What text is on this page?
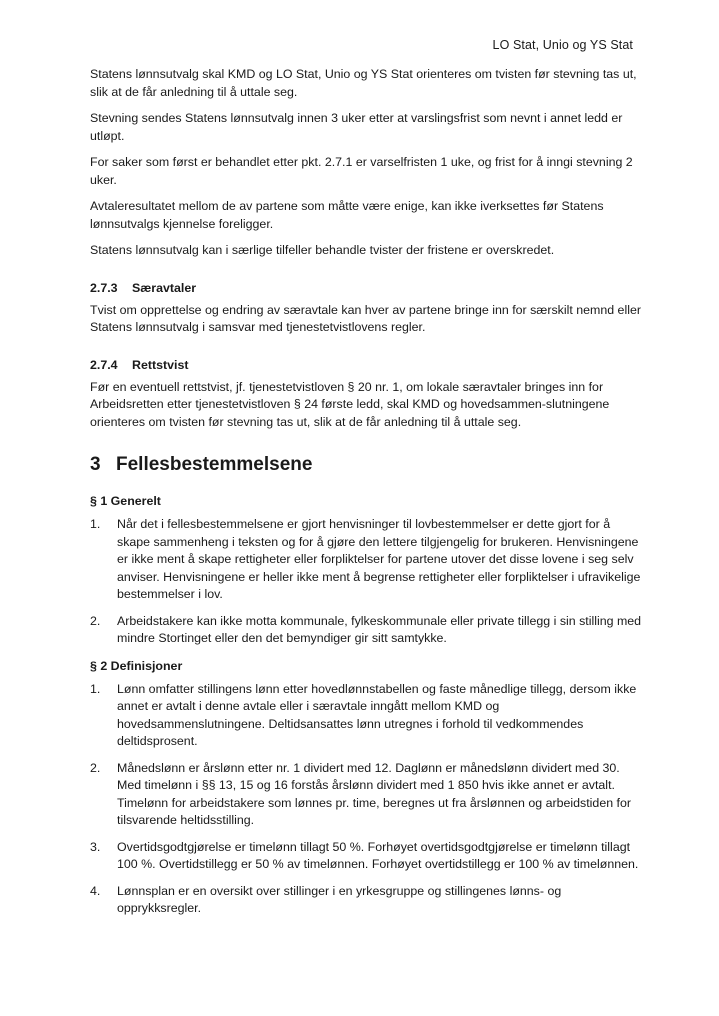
LO Stat, Unio og YS Stat

Statens lønnsutvalg skal KMD og LO Stat, Unio og YS Stat orienteres om tvisten før stevning tas ut, slik at de får anledning til å uttale seg.

Stevning sendes Statens lønnsutvalg innen 3 uker etter at varslingsfrist som nevnt i annet ledd er utløpt.

For saker som først er behandlet etter pkt. 2.7.1 er varselfristen 1 uke, og frist for å inngi stevning 2 uker.

Avtaleresultatet mellom de av partene som måtte være enige, kan ikke iverksettes før Statens lønnsutvalgs kjennelse foreligger.

Statens lønnsutvalg kan i særlige tilfeller behandle tvister der fristene er overskredet.

2.7.3 Særavtaler

Tvist om opprettelse og endring av særavtale kan hver av partene bringe inn for særskilt nemnd eller Statens lønnsutvalg i samsvar med tjenestetvistlovens regler.

2.7.4 Rettstvist

Før en eventuell rettstvist, jf. tjenestetvistloven § 20 nr. 1, om lokale særavtaler bringes inn for Arbeidsretten etter tjenestetvistloven § 24 første ledd, skal KMD og hovedsammen-slutningene orienteres om tvisten før stevning tas ut, slik at de får anledning til å uttale seg.

3 Fellesbestemmelsene
§ 1 Generelt
1.	Når det i fellesbestemmelsene er gjort henvisninger til lovbestemmelser er dette gjort for å skape sammenheng i teksten og for å gjøre den lettere tilgjengelig for brukeren. Henvisningene er ikke ment å skape rettigheter eller forpliktelser for partene utover det disse lovene i seg selv anviser. Henvisningene er heller ikke ment å begrense rettigheter eller forpliktelser i ufravikelige bestemmelser i lov.
2.	Arbeidstakere kan ikke motta kommunale, fylkeskommunale eller private tillegg i sin stilling med mindre Stortinget eller den det bemyndiger gir sitt samtykke.
§ 2 Definisjoner
1.	Lønn omfatter stillingens lønn etter hovedlønnstabellen og faste månedlige tillegg, dersom ikke annet er avtalt i denne avtale eller i særavtale inngått mellom KMD og hovedsammenslutningene. Deltidsansattes lønn utregnes i forhold til vedkommendes deltidsprosent.
2.	Månedslønn er årslønn etter nr. 1 dividert med 12. Daglønn er månedslønn dividert med 30. Med timelønn i §§ 13, 15 og 16 forstås årslønn dividert med 1 850 hvis ikke annet er avtalt. Timelønn for arbeidstakere som lønnes pr. time, beregnes ut fra årslønnen og arbeidstiden for tilsvarende heltidsstilling.
3.	Overtidsgodtgjørelse er timelønn tillagt 50 %. Forhøyet overtidsgodtgjørelse er timelønn tillagt 100 %. Overtidstillegg er 50 % av timelønnen. Forhøyet overtidstillegg er 100 % av timelønnen.
4.	Lønnsplan er en oversikt over stillinger i en yrkesgruppe og stillingenes lønns- og opprykksregler.
